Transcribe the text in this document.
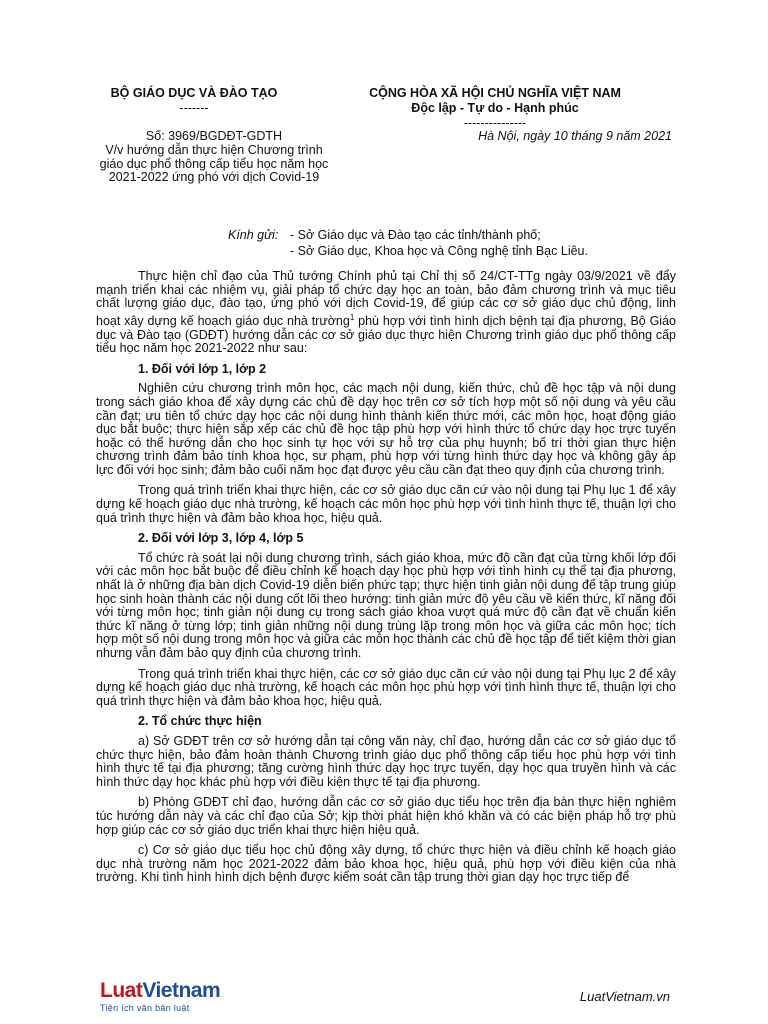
BỘ GIÁO DỤC VÀ ĐÀO TẠO
-------
CỘNG HÒA XÃ HỘI CHỦ NGHĨA VIỆT NAM
Độc lập - Tự do - Hạnh phúc
---------------
Số: 3969/BGDĐT-GDTH
V/v hướng dẫn thực hiện Chương trình giáo dục phổ thông cấp tiểu học năm học 2021-2022 ứng phó với dịch Covid-19
Hà Nội, ngày 10 tháng 9 năm 2021
Kính gửi: - Sở Giáo dục và Đào tạo các tỉnh/thành phố;
- Sở Giáo dục, Khoa học và Công nghệ tỉnh Bạc Liêu.

Thực hiện chỉ đạo của Thủ tướng Chính phủ tại Chỉ thị số 24/CT-TTg ngày 03/9/2021 về đẩy mạnh triển khai các nhiệm vụ, giải pháp tổ chức dạy học an toàn, bảo đảm chương trình và mục tiêu chất lượng giáo dục, đào tạo, ứng phó với dịch Covid-19, để giúp các cơ sở giáo dục chủ động, linh hoạt xây dựng kế hoạch giáo dục nhà trường$^1$ phù hợp với tình hình dịch bệnh tại địa phương, Bộ Giáo dục và Đào tạo (GDĐT) hướng dẫn các cơ sở giáo dục thực hiện Chương trình giáo dục phổ thông cấp tiểu học năm học 2021-2022 như sau:

1. Đối với lớp 1, lớp 2

Nghiên cứu chương trình môn học, các mạch nội dung, kiến thức, chủ đề học tập và nội dung trong sách giáo khoa để xây dựng các chủ đề dạy học trên cơ sở tích hợp một số nội dung và yêu cầu cần đạt; ưu tiên tổ chức dạy học các nội dung hình thành kiến thức mới, các môn học, hoạt động giáo dục bắt buộc; thực hiện sắp xếp các chủ đề học tập phù hợp với hình thức tổ chức dạy học trực tuyến hoặc có thể hướng dẫn cho học sinh tự học với sự hỗ trợ của phụ huynh; bố trí thời gian thực hiện chương trình đảm bảo tính khoa học, sư phạm, phù hợp với từng hình thức dạy học và không gây áp lực đối với học sinh; đảm bảo cuối năm học đạt được yêu cầu cần đạt theo quy định của chương trình.

Trong quá trình triển khai thực hiện, các cơ sở giáo dục căn cứ vào nội dung tại Phụ lục 1 để xây dựng kế hoạch giáo dục nhà trường, kế hoạch các môn học phù hợp với tình hình thực tế, thuận lợi cho quá trình thực hiện và đảm bảo khoa học, hiệu quả.

2. Đối với lớp 3, lớp 4, lớp 5

Tổ chức rà soát lại nội dung chương trình, sách giáo khoa, mức độ cần đạt của từng khối lớp đối với các môn học bắt buộc để điều chỉnh kế hoạch dạy học phù hợp với tình hình cụ thể tại địa phương, nhất là ở những địa bàn dịch Covid-19 diễn biến phức tạp; thực hiện tinh giản nội dung để tập trung giúp học sinh hoàn thành các nội dung cốt lõi theo hướng: tinh giản mức độ yêu cầu về kiến thức, kĩ năng đối với từng môn học; tinh giản nội dung cụ trong sách giáo khoa vượt quá mức độ cần đạt về chuẩn kiến thức kĩ năng ở từng lớp; tinh giản những nội dung trùng lặp trong môn học và giữa các môn học; tích hợp một số nội dung trong môn học và giữa các môn học thành các chủ đề học tập để tiết kiệm thời gian nhưng vẫn đảm bảo quy định của chương trình.

Trong quá trình triển khai thực hiện, các cơ sở giáo dục căn cứ vào nội dung tại Phụ lục 2 để xây dựng kế hoạch giáo dục nhà trường, kế hoạch các môn học phù hợp với tình hình thực tế, thuận lợi cho quá trình thực hiện và đảm bảo khoa học, hiệu quả.

2. Tổ chức thực hiện

a) Sở GDĐT trên cơ sở hướng dẫn tại công văn này, chỉ đạo, hướng dẫn các cơ sở giáo dục tổ chức thực hiện, bảo đảm hoàn thành Chương trình giáo dục phổ thông cấp tiểu học phù hợp với tình hình thực tế tại địa phương; tăng cường hình thức dạy học trực tuyến, dạy học qua truyền hình và các hình thức dạy học khác phù hợp với điều kiện thực tế tại địa phương.

b) Phòng GDĐT chỉ đạo, hướng dẫn các cơ sở giáo dục tiểu học trên địa bàn thực hiện nghiêm túc hướng dẫn này và các chỉ đạo của Sở; kịp thời phát hiện khó khăn và có các biện pháp hỗ trợ phù hợp giúp các cơ sở giáo dục triển khai thực hiện hiệu quả.

c) Cơ sở giáo dục tiểu học chủ động xây dựng, tổ chức thực hiện và điều chỉnh kế hoạch giáo dục nhà trường năm học 2021-2022 đảm bảo khoa học, hiệu quả, phù hợp với điều kiện của nhà trường. Khi tình hình hình dịch bệnh được kiểm soát cần tập trung thời gian dạy học trực tiếp để

LuatVietnam
Tiện ích văn bản luật
LuatVietnam.vn
